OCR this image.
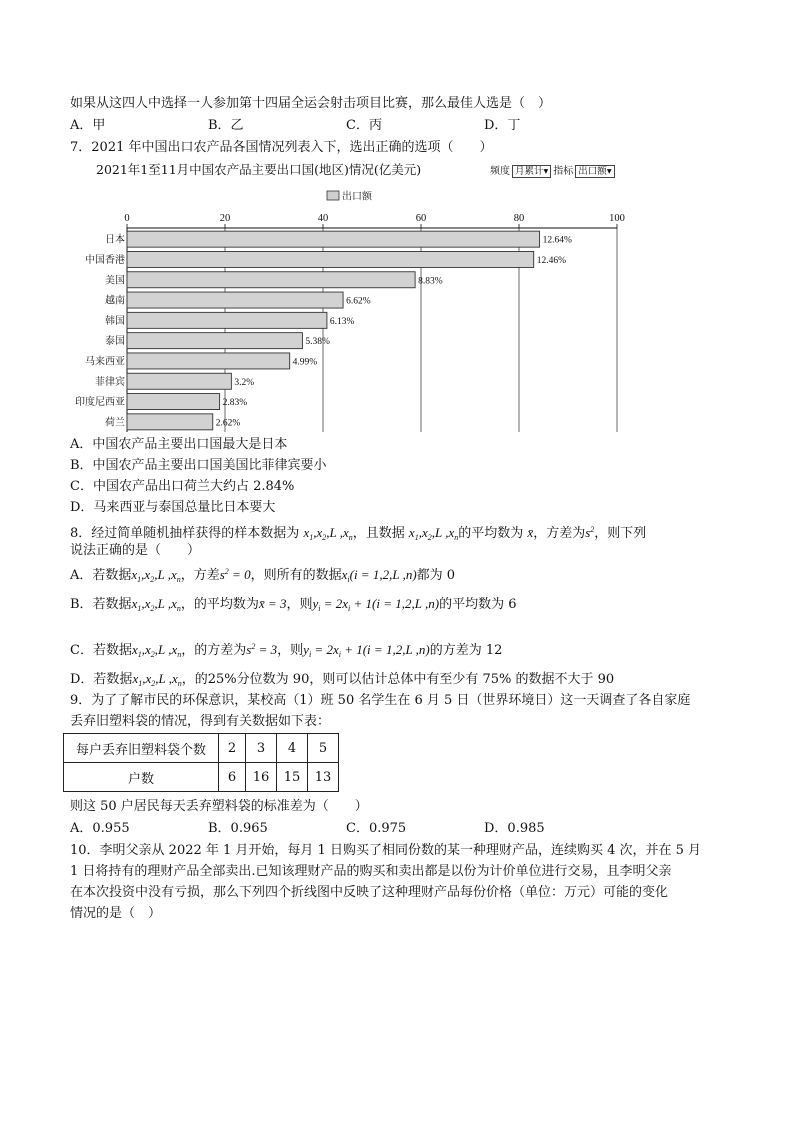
如果从这四人中选择一人参加第十四届全运会射击项目比赛，那么最佳人选是（　）
A．甲	B．乙	C．丙	D．丁
7．2021 年中国出口农产品各国情况列表入下，选出正确的选项（　　）
2021年1至11月中国农产品主要出口国(地区)情况(亿美元)	频度 月累计▾ 指标 出口额▾
出口额
0	20	40	60	80	100
日本	12.64%
中国香港	12.46%
美国	8.83%
越南	6.62%
韩国	6.13%
泰国	5.38%
马来西亚	4.99%
菲律宾	3.2%
印度尼西亚	2.83%
荷兰	2.62%
A．中国农产品主要出口国最大是日本
B．中国农产品主要出口国美国比菲律宾要小
C．中国农产品出口荷兰大约占 2.84%
D．马来西亚与泰国总量比日本要大
8．经过简单随机抽样获得的样本数据为 $x_1,x_2,L$ $,x_n$，且数据 $x_1,x_2,L$ $,x_n$的平均数为 x̄，方差为$s^2$，则下列
说法正确的是（　　）
A．若数据$x_1,x_2,L$ $,x_n$，方差$s^2 = 0$，则所有的数据$x_i(i = 1,2,L$ ,n)都为 0
B．若数据$x_1,x_2,L$ $,x_n$，的平均数为x̄ = 3，则$y_i = 2x_i + 1(i = 1,2,L$ ,n)的平均数为 6
C．若数据$x_1,x_2,L$ $,x_n$，的方差为$s^2 = 3$，则$y_i = 2x_i + 1(i = 1,2,L$ ,n)的方差为 12
D．若数据$x_1,x_2,L$ $,x_n$，的25%分位数为 90，则可以估计总体中有至少有 75% 的数据不大于 90
9．为了了解市民的环保意识，某校高（1）班 50 名学生在 6 月 5 日（世界环境日）这一天调查了各自家庭
丢弃旧塑料袋的情况，得到有关数据如下表：
每户丢弃旧塑料袋个数	2	3	4	5
户数	6	16	15	13
则这 50 户居民每天丢弃塑料袋的标准差为（　　）
A．0.955	B．0.965	C．0.975	D．0.985
10．李明父亲从 2022 年 1 月开始，每月 1 日购买了相同份数的某一种理财产品，连续购买 4 次，并在 5 月
1 日将持有的理财产品全部卖出.已知该理财产品的购买和卖出都是以份为计价单位进行交易，且李明父亲
在本次投资中没有亏损，那么下列四个折线图中反映了这种理财产品每份价格（单位：万元）可能的变化
情况的是（　）
